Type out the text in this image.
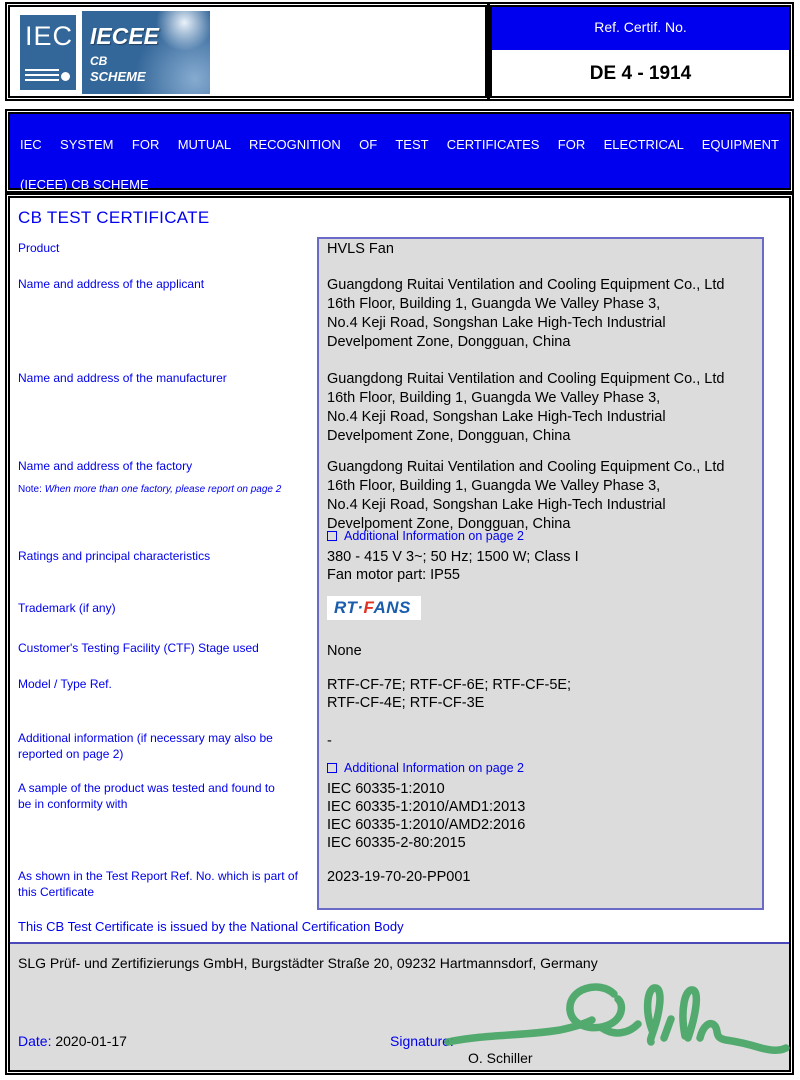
IEC IECEE
CB
SCHEME
Ref. Certif. No.
DE 4 - 1914
IEC SYSTEM FOR MUTUAL RECOGNITION OF TEST CERTIFICATES FOR ELECTRICAL EQUIPMENT
(IECEE) CB SCHEME
CB TEST CERTIFICATE
Product	HVLS Fan
Name and address of the applicant	Guangdong Ruitai Ventilation and Cooling Equipment Co., Ltd
16th Floor, Building 1, Guangda We Valley Phase 3,
No.4 Keji Road, Songshan Lake High-Tech Industrial
Develpoment Zone, Dongguan, China
Name and address of the manufacturer	Guangdong Ruitai Ventilation and Cooling Equipment Co., Ltd
16th Floor, Building 1, Guangda We Valley Phase 3,
No.4 Keji Road, Songshan Lake High-Tech Industrial
Develpoment Zone, Dongguan, China
Name and address of the factory
Note: When more than one factory, please report on page 2
Guangdong Ruitai Ventilation and Cooling Equipment Co., Ltd
16th Floor, Building 1, Guangda We Valley Phase 3,
No.4 Keji Road, Songshan Lake High-Tech Industrial
Develpoment Zone, Dongguan, China
Additional Information on page 2
Ratings and principal characteristics	380 - 415 V 3~; 50 Hz; 1500 W; Class I
Fan motor part: IP55
Trademark (if any)	RT·FANS
Customer's Testing Facility (CTF) Stage used	None
Model / Type Ref.	RTF-CF-7E; RTF-CF-6E; RTF-CF-5E;
RTF-CF-4E; RTF-CF-3E
Additional information (if necessary may also be reported on page 2)
-
Additional Information on page 2
A sample of the product was tested and found to be in conformity with
IEC 60335-1:2010
IEC 60335-1:2010/AMD1:2013
IEC 60335-1:2010/AMD2:2016
IEC 60335-2-80:2015
As shown in the Test Report Ref. No. which is part of this Certificate
2023-19-70-20-PP001
This CB Test Certificate is issued by the National Certification Body
SLG Prüf- und Zertifizierungs GmbH, Burgstädter Straße 20, 09232 Hartmannsdorf, Germany
Date: 2020-01-17	Signature:
O. Schiller
